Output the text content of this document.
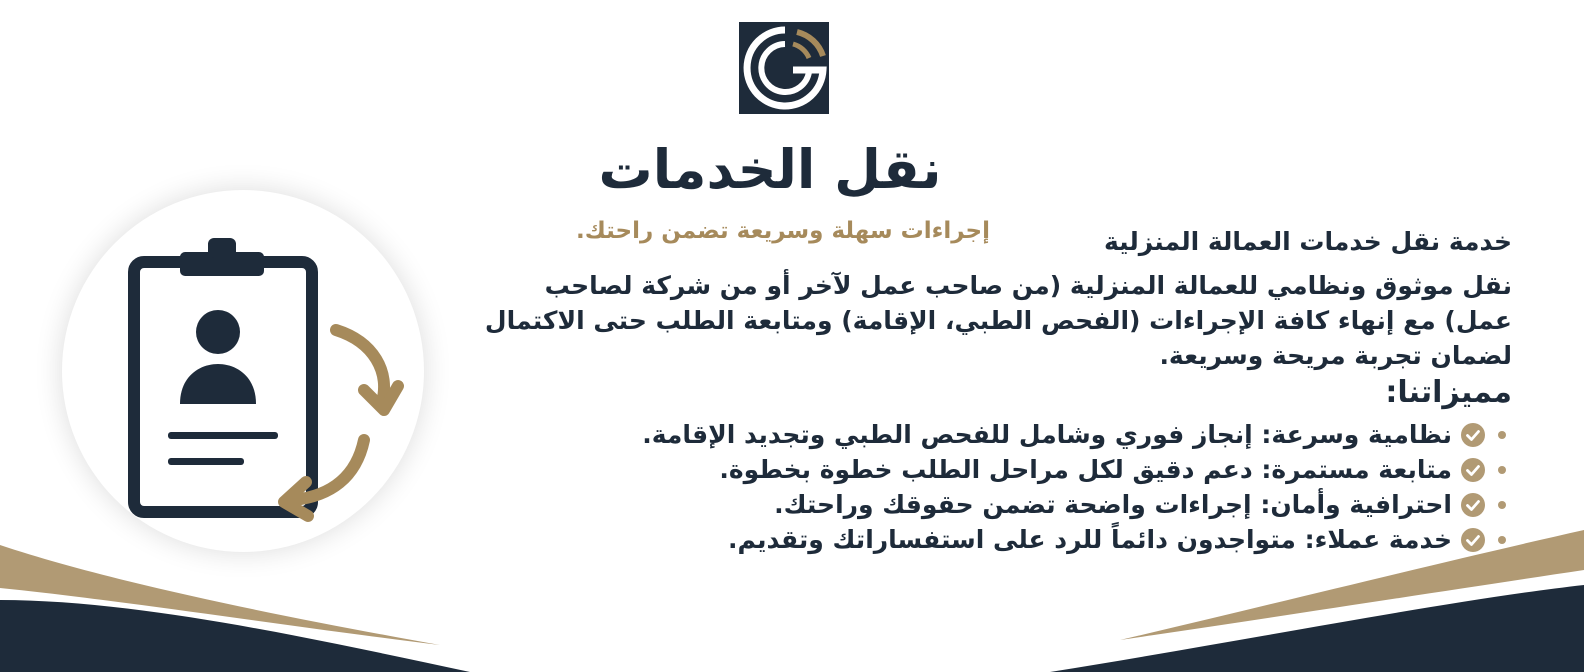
نقل الخدمات
إجراءات سهلة وسريعة تضمن راحتك.	خدمة نقل خدمات العمالة المنزلية

نقل موثوق ونظامي للعمالة المنزلية (من صاحب عمل لآخر أو من شركة لصاحب عمل) مع إنهاء كافة الإجراءات (الفحص الطبي، الإقامة) ومتابعة الطلب حتى الاكتمال لضمان تجربة مريحة وسريعة.

مميزاتنا:
نظامية وسرعة: إنجاز فوري وشامل للفحص الطبي وتجديد الإقامة.
متابعة مستمرة: دعم دقيق لكل مراحل الطلب خطوة بخطوة.
احترافية وأمان: إجراءات واضحة تضمن حقوقك وراحتك.
خدمة عملاء: متواجدون دائماً للرد على استفساراتك وتقديم.
